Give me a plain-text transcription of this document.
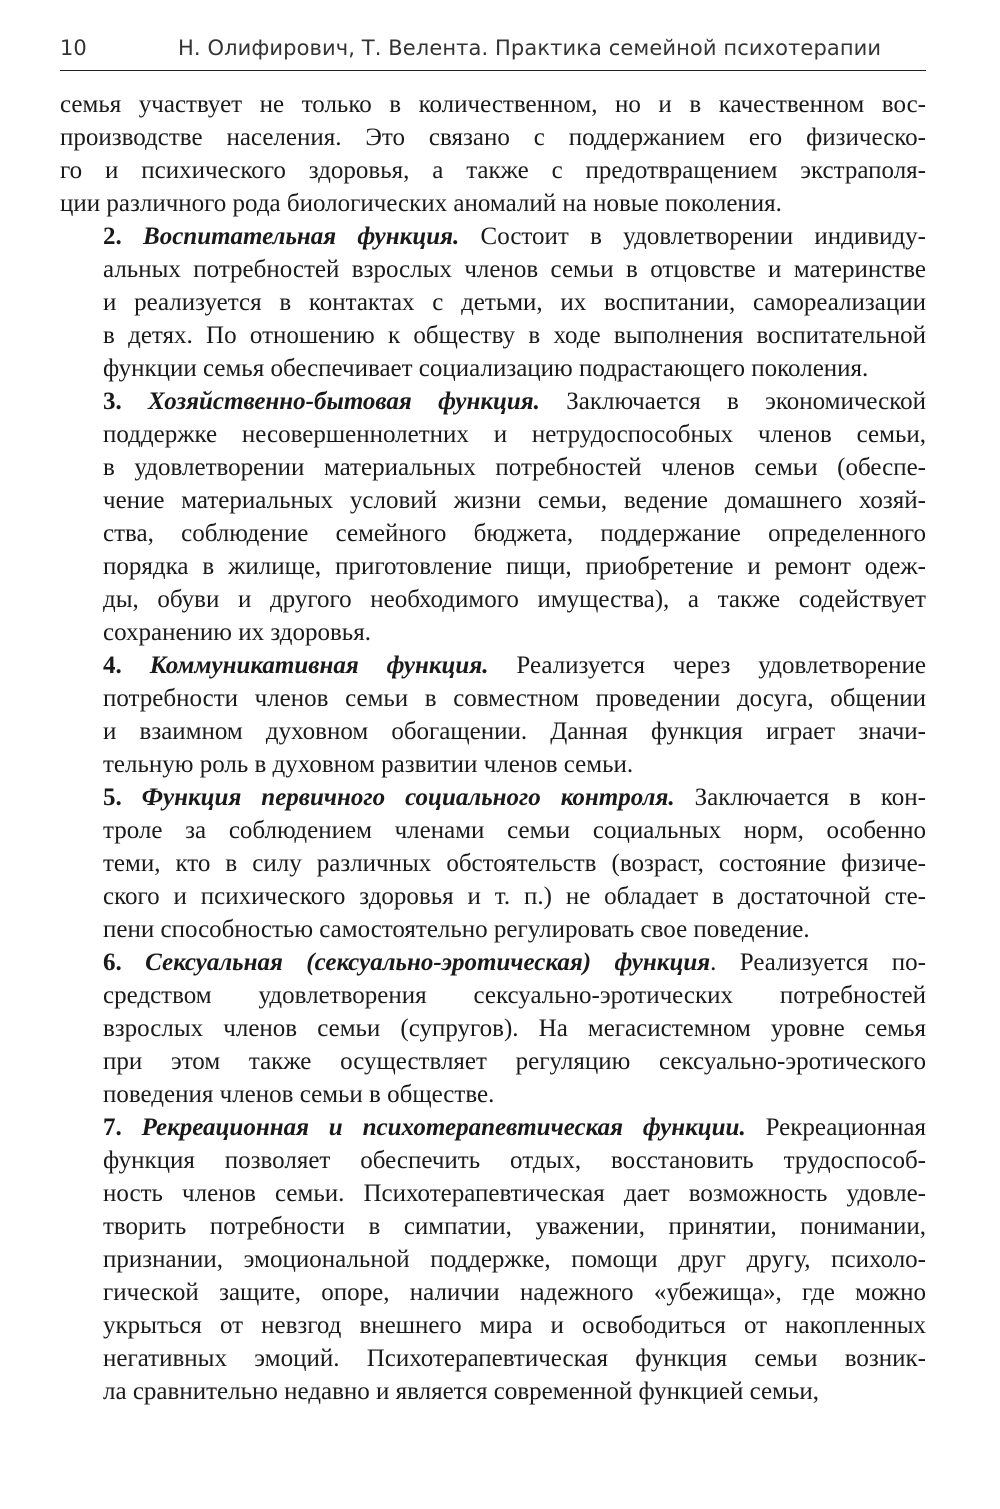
10	Н. Олифирович, Т. Велента. Практика семейной психотерапии

семья участвует не только в количественном, но и в качественном вос-
производстве населения. Это связано с поддержанием его физическо-
го и психического здоровья, а также с предотвращением экстраполя-
ции различного рода биологических аномалий на новые поколения.

2. Воспитательная функция. Состоит в удовлетворении индивиду-
альных потребностей взрослых членов семьи в отцовстве и материнстве
и реализуется в контактах с детьми, их воспитании, самореализации
в детях. По отношению к обществу в ходе выполнения воспитательной
функции семья обеспечивает социализацию подрастающего поколения.

3. Хозяйственно-бытовая функция. Заключается в экономической
поддержке несовершеннолетних и нетрудоспособных членов семьи,
в удовлетворении материальных потребностей членов семьи (обеспе-
чение материальных условий жизни семьи, ведение домашнего хозяй-
ства, соблюдение семейного бюджета, поддержание определенного
порядка в жилище, приготовление пищи, приобретение и ремонт одеж-
ды, обуви и другого необходимого имущества), а также содействует
сохранению их здоровья.

4. Коммуникативная функция. Реализуется через удовлетворение
потребности членов семьи в совместном проведении досуга, общении
и взаимном духовном обогащении. Данная функция играет значи-
тельную роль в духовном развитии членов семьи.

5. Функция первичного социального контроля. Заключается в кон-
троле за соблюдением членами семьи социальных норм, особенно
теми, кто в силу различных обстоятельств (возраст, состояние физиче-
ского и психического здоровья и т. п.) не обладает в достаточной сте-
пени способностью самостоятельно регулировать свое поведение.

6. Сексуальная (сексуально-эротическая) функция. Реализуется по-
средством удовлетворения сексуально-эротических потребностей
взрослых членов семьи (супругов). На мегасистемном уровне семья
при этом также осуществляет регуляцию сексуально-эротического
поведения членов семьи в обществе.

7. Рекреационная и психотерапевтическая функции. Рекреационная
функция позволяет обеспечить отдых, восстановить трудоспособ-
ность членов семьи. Психотерапевтическая дает возможность удовле-
творить потребности в симпатии, уважении, принятии, понимании,
признании, эмоциональной поддержке, помощи друг другу, психоло-
гической защите, опоре, наличии надежного «убежища», где можно
укрыться от невзгод внешнего мира и освободиться от накопленных
негативных эмоций. Психотерапевтическая функция семьи возник-
ла сравнительно недавно и является современной функцией семьи,
